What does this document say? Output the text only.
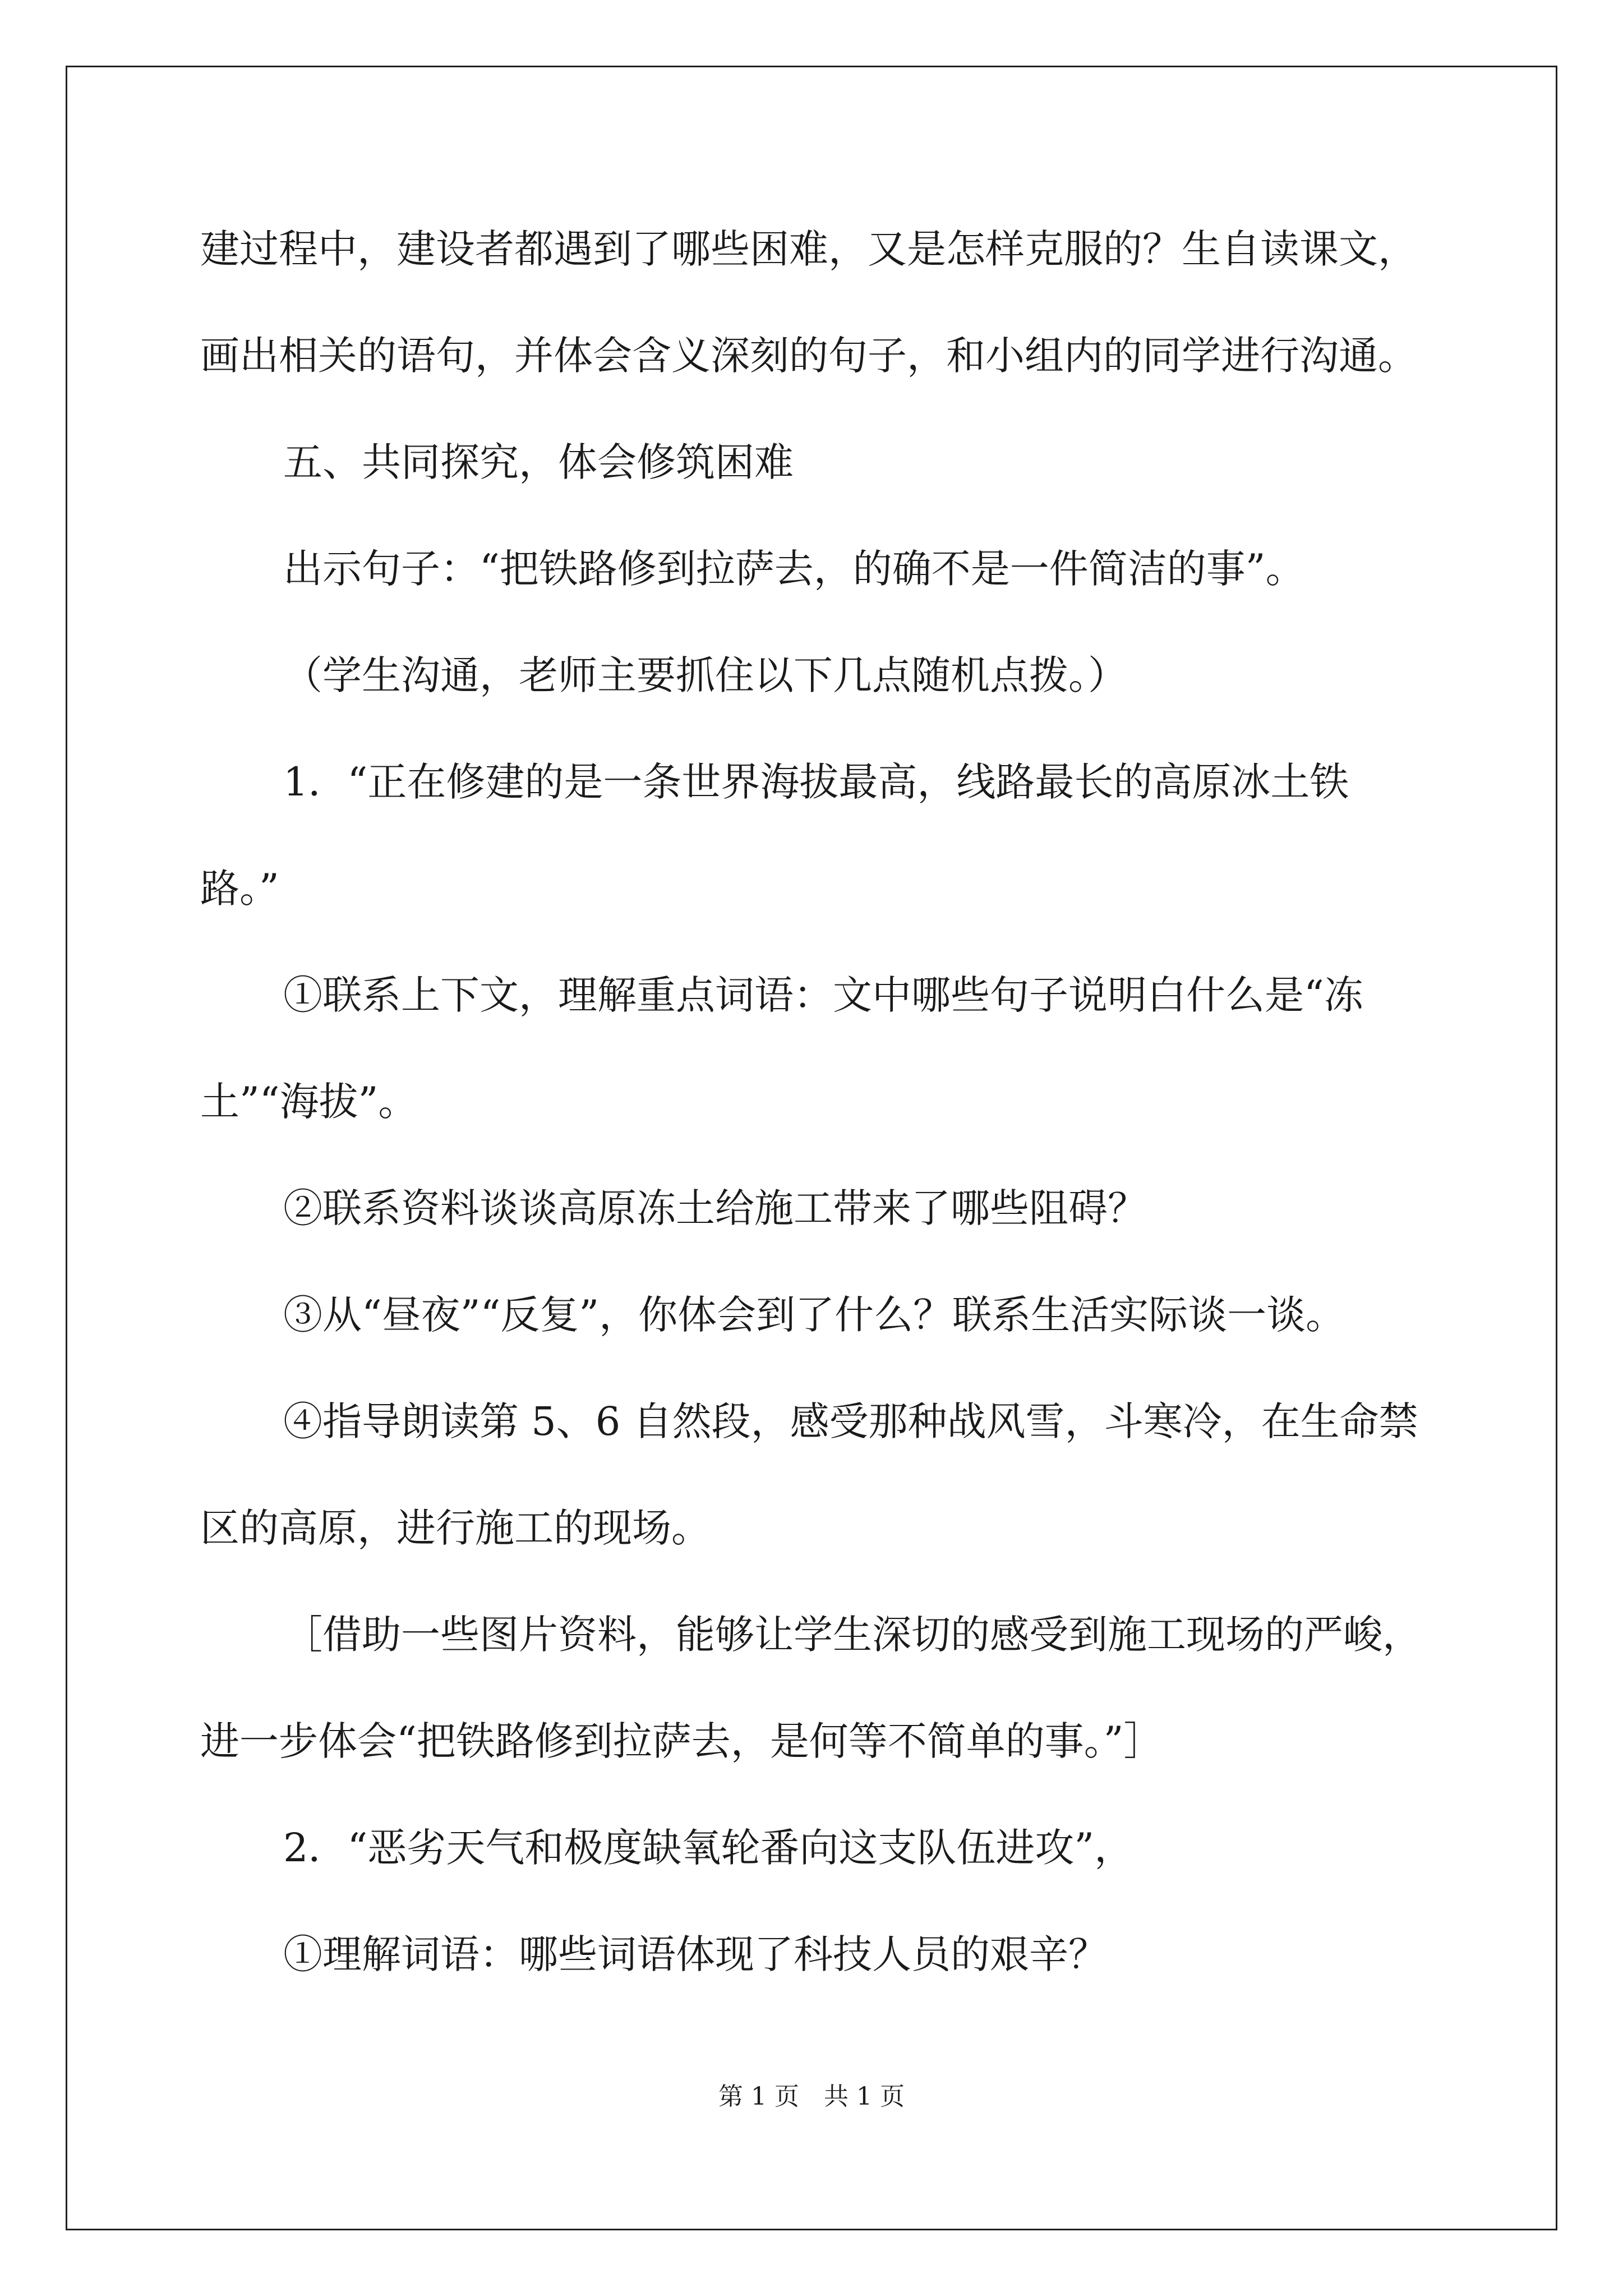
建过程中，建设者都遇到了哪些困难，又是怎样克服的？生自读课文，
画出相关的语句，并体会含义深刻的句子，和小组内的同学进行沟通。
五、共同探究，体会修筑困难
出示句子：“把铁路修到拉萨去，的确不是一件简洁的事”。
（学生沟通，老师主要抓住以下几点随机点拨。）
1．“正在修建的是一条世界海拔最高，线路最长的高原冰土铁
路。”
①联系上下文，理解重点词语：文中哪些句子说明白什么是“冻
土”“海拔”。
②联系资料谈谈高原冻土给施工带来了哪些阻碍？
③从“昼夜”“反复”，你体会到了什么？联系生活实际谈一谈。
④指导朗读第 5、6 自然段，感受那种战风雪，斗寒冷，在生命禁
区的高原，进行施工的现场。
［借助一些图片资料，能够让学生深切的感受到施工现场的严峻，
进一步体会“把铁路修到拉萨去，是何等不简单的事。”］
2．“恶劣天气和极度缺氧轮番向这支队伍进攻”，
①理解词语：哪些词语体现了科技人员的艰辛？
第 1 页　共 1 页
